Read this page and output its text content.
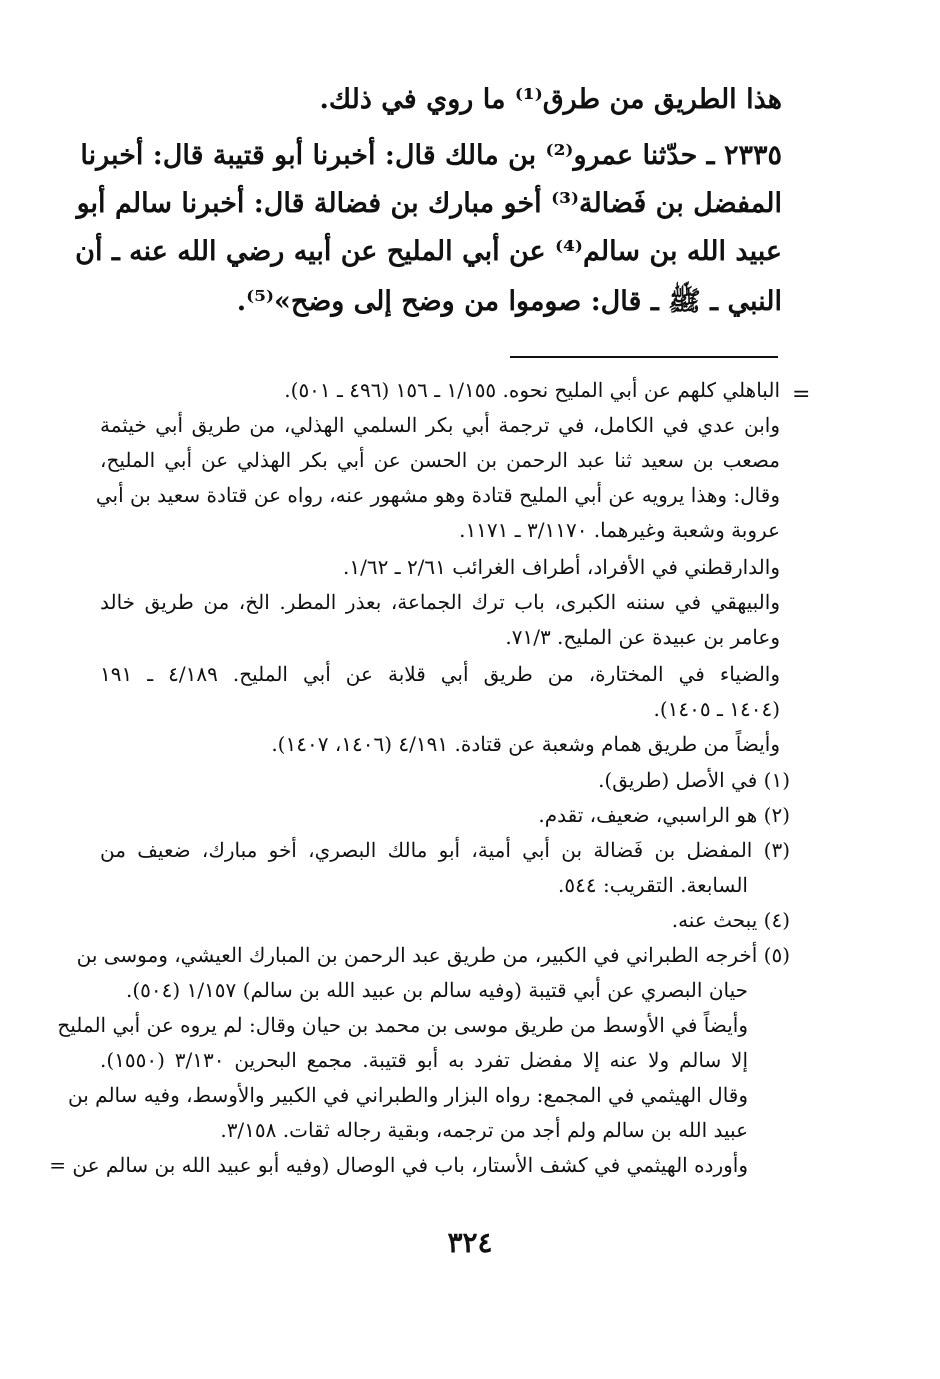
هذا الطريق من طرق⁽¹⁾ ما روي في ذلك.

٢٣٣٥ ـ حدّثنا عمرو⁽²⁾ بن مالك قال: أخبرنا أبو قتيبة قال: أخبرنا

المفضل بن فَضالة⁽³⁾ أخو مبارك بن فضالة قال: أخبرنا سالم أبو

عبيد الله بن سالم⁽⁴⁾ عن أبي المليح عن أبيه رضي الله عنه ـ أن

النبي ـ ﷺ ـ قال: صوموا من وضح إلى وضح»⁽⁵⁾.

=

الباهلي كلهم عن أبي المليح نحوه. ١/١٥٥ ـ ١٥٦ (٤٩٦ ـ ٥٠١).

وابن عدي في الكامل، في ترجمة أبي بكر السلمي الهذلي، من طريق أبي خيثمة

مصعب بن سعيد ثنا عبد الرحمن بن الحسن عن أبي بكر الهذلي عن أبي المليح،

وقال: وهذا يرويه عن أبي المليح قتادة وهو مشهور عنه، رواه عن قتادة سعيد بن أبي

عروبة وشعبة وغيرهما. ٣/١١٧٠ ـ ١١٧١.

والدارقطني في الأفراد، أطراف الغرائب ٢/٦١ ـ ١/٦٢.

والبيهقي في سننه الكبرى، باب ترك الجماعة، بعذر المطر. الخ، من طريق خالد

وعامر بن عبيدة عن المليح. ٧١/٣.

والضياء في المختارة، من طريق أبي قلابة عن أبي المليح. ٤/١٨٩ ـ ١٩١

(١٤٠٤ ـ ١٤٠٥).

وأيضاً من طريق همام وشعبة عن قتادة. ٤/١٩١ (١٤٠٦، ١٤٠٧).

(١) في الأصل (طريق).

(٢) هو الراسبي، ضعيف، تقدم.

(٣) المفضل بن فَضالة بن أبي أمية، أبو مالك البصري، أخو مبارك، ضعيف من

السابعة. التقريب: ٥٤٤.

(٤) يبحث عنه.

(٥) أخرجه الطبراني في الكبير، من طريق عبد الرحمن بن المبارك العيشي، وموسى بن

حيان البصري عن أبي قتيبة (وفيه سالم بن عبيد الله بن سالم) ١/١٥٧ (٥٠٤).

وأيضاً في الأوسط من طريق موسى بن محمد بن حيان وقال: لم يروه عن أبي المليح

إلا سالم ولا عنه إلا مفضل تفرد به أبو قتيبة. مجمع البحرين ٣/١٣٠ (١٥٥٠).

وقال الهيثمي في المجمع: رواه البزار والطبراني في الكبير والأوسط، وفيه سالم بن

عبيد الله بن سالم ولم أجد من ترجمه، وبقية رجاله ثقات. ٣/١٥٨.

وأورده الهيثمي في كشف الأستار، باب في الوصال (وفيه أبو عبيد الله بن سالم عن =

٣٢٤
